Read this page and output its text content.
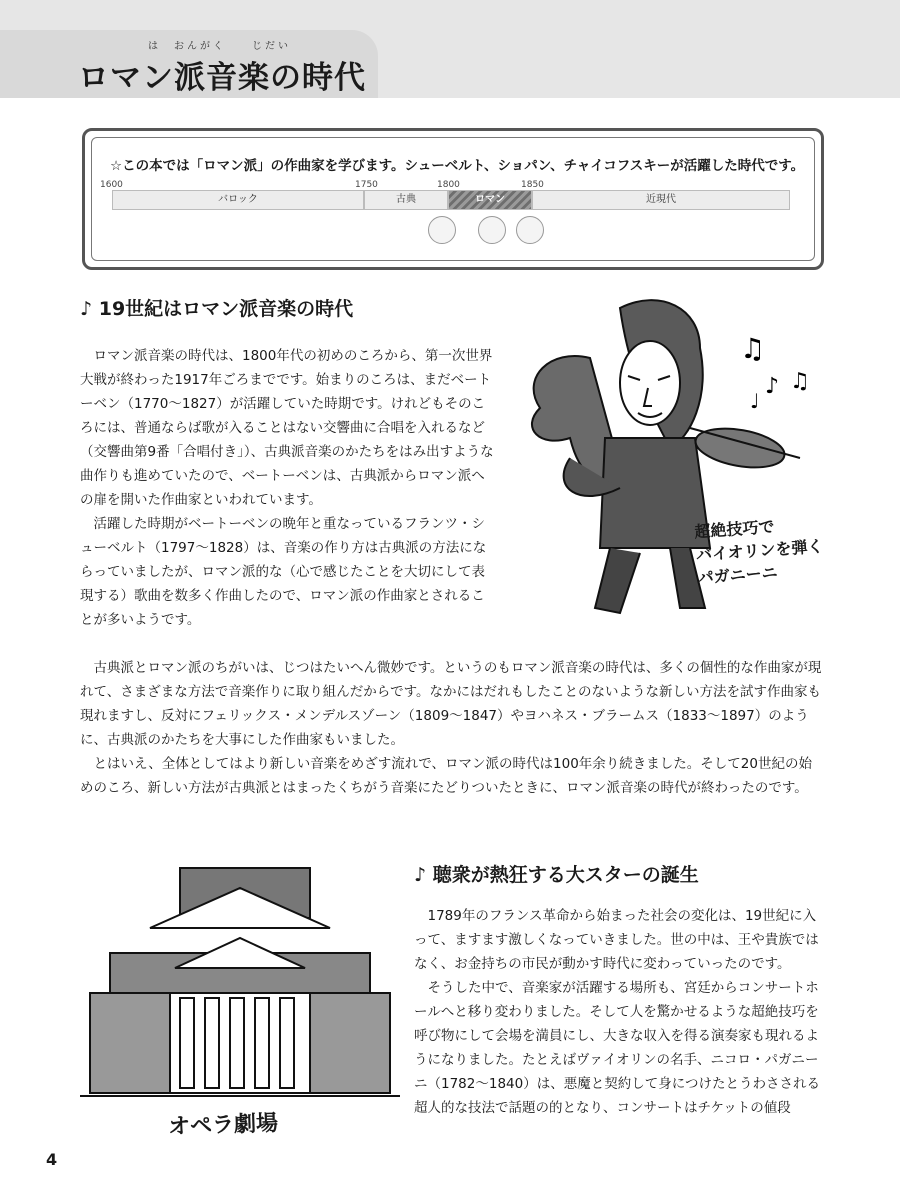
は　おんがく　　じだい
ロマン派音楽の時代
☆この本では「ロマン派」の作曲家を学びます。シューベルト、ショパン、チャイコフスキーが活躍した時代です。
1600	1750	1800	1850
バロック	古典	ロマン	近現代
♪ 19世紀はロマン派音楽の時代

ロマン派音楽の時代は、1800年代の初めのころから、第一次世界大戦が終わった1917年ごろまでです。始まりのころは、まだベートーベン（1770〜1827）が活躍していた時期です。けれどもそのころには、普通ならば歌が入ることはない交響曲に合唱を入れるなど（交響曲第9番「合唱付き」）、古典派音楽のかたちをはみ出すような曲作りも進めていたので、ベートーベンは、古典派からロマン派への扉を開いた作曲家といわれています。

活躍した時期がベートーベンの晩年と重なっているフランツ・シューベルト（1797〜1828）は、音楽の作り方は古典派の方法にならっていましたが、ロマン派的な（心で感じたことを大切にして表現する）歌曲を数多く作曲したので、ロマン派の作曲家とされることが多いようです。

♫
♪ ♫
♩
超絶技巧で
バイオリンを弾く
パガニーニ

古典派とロマン派のちがいは、じつはたいへん微妙です。というのもロマン派音楽の時代は、多くの個性的な作曲家が現れて、さまざまな方法で音楽作りに取り組んだからです。なかにはだれもしたことのないような新しい方法を試す作曲家も現れますし、反対にフェリックス・メンデルスゾーン（1809〜1847）やヨハネス・ブラームス（1833〜1897）のように、古典派のかたちを大事にした作曲家もいました。

とはいえ、全体としてはより新しい音楽をめざす流れで、ロマン派の時代は100年余り続きました。そして20世紀の始めのころ、新しい方法が古典派とはまったくちがう音楽にたどりついたときに、ロマン派音楽の時代が終わったのです。

オペラ劇場
♪ 聴衆が熱狂する大スターの誕生

1789年のフランス革命から始まった社会の変化は、19世紀に入って、ますます激しくなっていきました。世の中は、王や貴族ではなく、お金持ちの市民が動かす時代に変わっていったのです。

そうした中で、音楽家が活躍する場所も、宮廷からコンサートホールへと移り変わりました。そして人を驚かせるような超絶技巧を呼び物にして会場を満員にし、大きな収入を得る演奏家も現れるようになりました。たとえばヴァイオリンの名手、ニコロ・パガニーニ（1782〜1840）は、悪魔と契約して身につけたとうわさされる超人的な技法で話題の的となり、コンサートはチケットの値段

4
